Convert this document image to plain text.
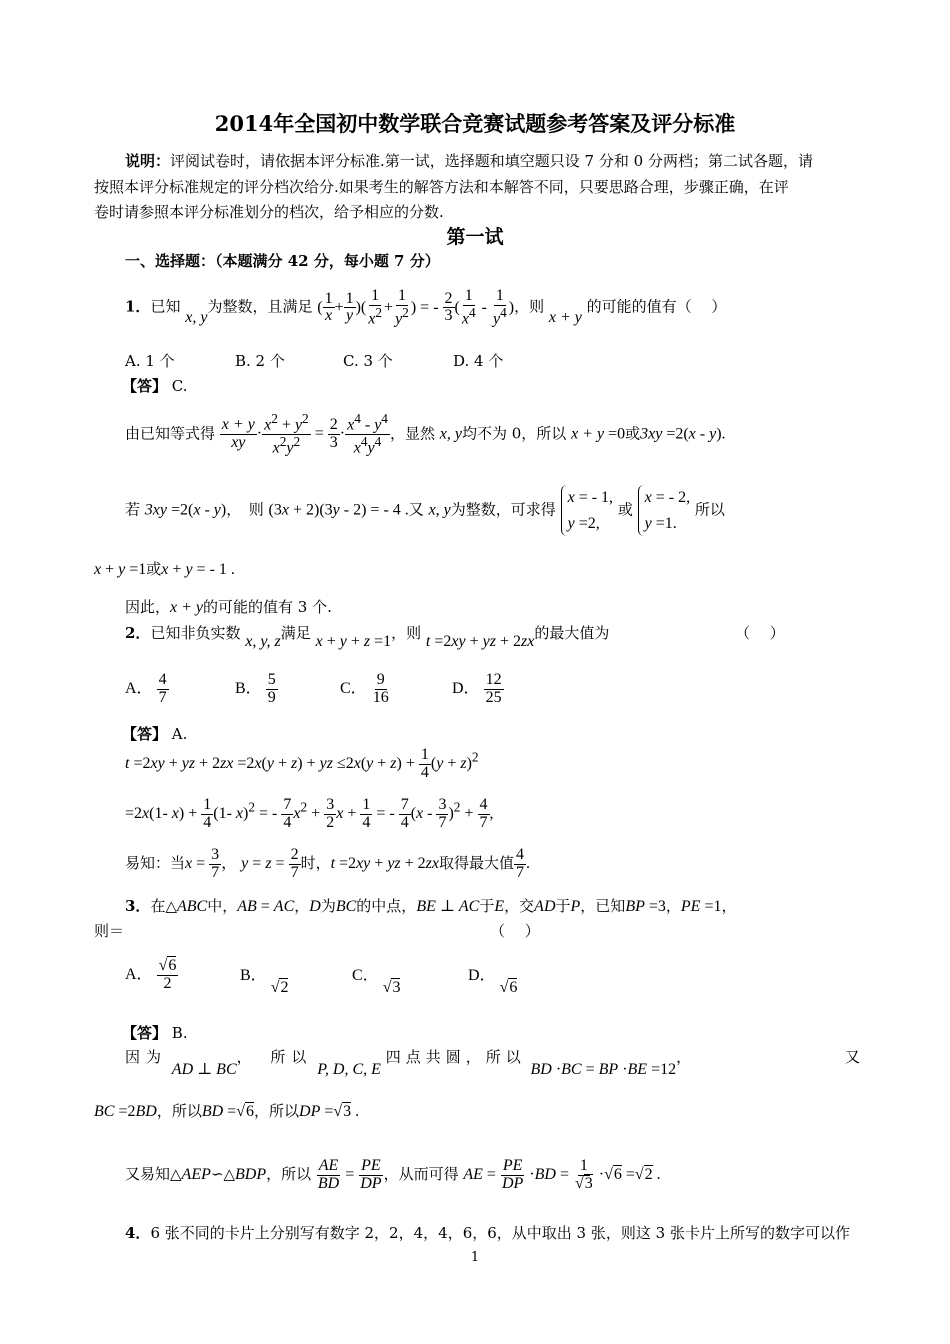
2014年全国初中数学联合竞赛试题参考答案及评分标准
说明：评阅试卷时，请依据本评分标准.第一试，选择题和填空题只设 7 分和 0 分两档；第二试各题，请
按照本评分标准规定的评分档次给分.如果考生的解答方法和本解答不同，只要思路合理，步骤正确，在评
卷时请参照本评分标准划分的档次，给予相应的分数.
第一试
一、选择题：（本题满分 42 分，每小题 7 分）
1．已知 x, y为整数，且满足 ( $\frac{1}{x} + \frac{1}{y}$ )( $\frac{1}{x^2} + \frac{1}{y^2}$ ) = - $\frac{2}{3}$ ( $\frac{1}{x^4} - \frac{1}{y^4}$ )，则 x + y 的可能的值有（　 ）
A. 1 个	B. 2 个	C. 3 个	D. 4 个
【答】 C.
由已知等式得 $\frac{x + y}{xy} \cdot \frac{x^2 + y^2}{x^2y^2} = \frac{2}{3} \cdot \frac{x^4 - y^4}{x^4y^4}$ ，显然 x, y均不为 0，所以 x + y =0或3xy =2(x - y).
若 3xy =2(x - y)，　则 (3x + 2)(3y - 2) = - 4 .又 x, y为整数，可求得 x = - 1,
y =2, 或 x = - 2,
y =1. 所以
x + y =1或x + y = - 1 .
因此，x + y的可能的值有 3 个.
2．已知非负实数 x, y, z满足 x + y + z =1，则 t =2xy + yz + 2zx的最大值为	（　 ）
A． $\frac{4}{7}$	B． $\frac{5}{9}$	C． $\frac{9}{16}$	D． $\frac{12}{25}$
【答】 A.
t =2xy + yz + 2zx =2x(y + z) + yz $\le 2x(y + z) + \frac{1}{4} (y + z)^2$
=2x(1- $x) + \frac{1}{4} (1-$ x)$^2$ = - $\frac{7}{4} x^2 + \frac{3}{2}$ $x + \frac{1}{4}$ = - $\frac{7}{4} (x - \frac{3}{7} )^2 + \frac{4}{7}$ ,
易知：当$x = \frac{3}{7}$ ， $y = z = \frac{2}{7}$ 时，t =2xy + yz + 2zx取得最大值 $\frac{4}{7}$ .
3．在△ABC中，AB = AC，D为BC的中点，BE ⊥ AC于E，交AD于P，已知BP =3，PE =1，
则＝	（　 ）
A． $\frac{√6}{2}$	B． √2
C． √3
D． √6
【答】 B.
因为 AD ⊥ BC， 所以 P, D, C, E 四点共圆，所以 BD ·BC = BP ·BE =12，	又
BC =2BD，所以BD =√6，所以DP =√3 .
又易知△AEP∽△BDP，所以 $\frac{AE}{BD} = \frac{PE}{DP}$ ，从而可得 AE = $\frac{PE}{DP} \cdot BD = \frac{1}{√3} \cdot√6 =√2$ .
4．6 张不同的卡片上分别写有数字 2，2，4，4，6，6，从中取出 3 张，则这 3 张卡片上所写的数字可以作
1
